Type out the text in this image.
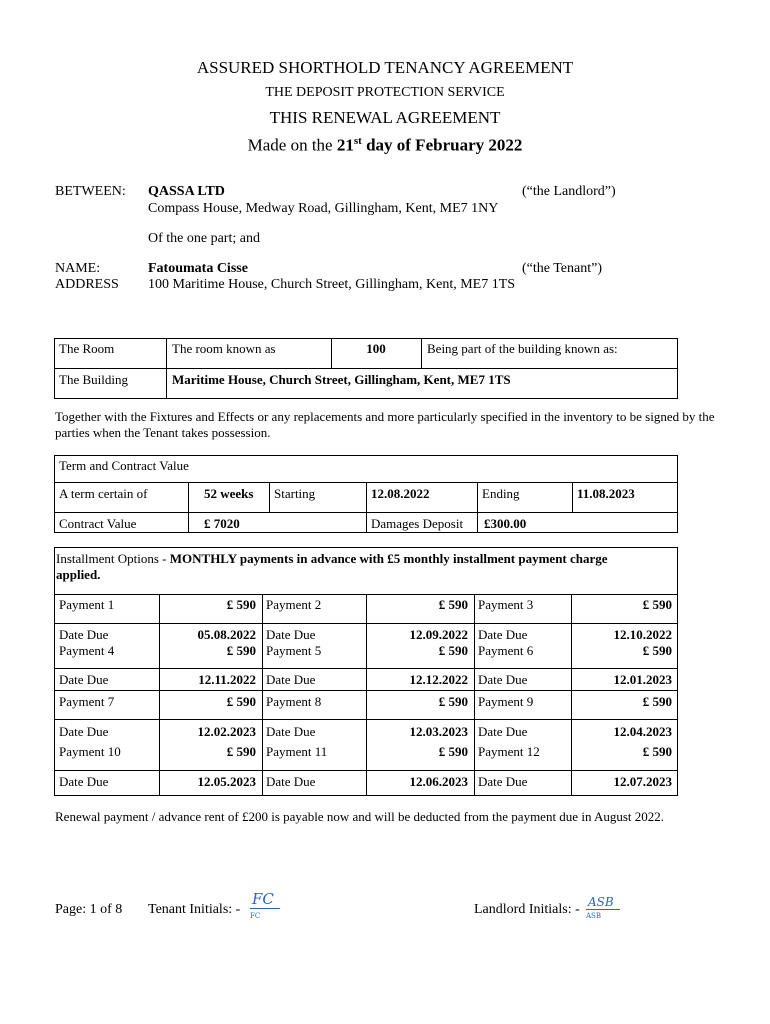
ASSURED SHORTHOLD TENANCY AGREEMENT
THE DEPOSIT PROTECTION SERVICE
THIS RENEWAL AGREEMENT
Made on the 21st day of February 2022
BETWEEN: QASSA LTD	(“the Landlord”)
Compass House, Medway Road, Gillingham, Kent, ME7 1NY
Of the one part; and
NAME:	Fatoumata Cisse	(“the Tenant”)
ADDRESS 100 Maritime House, Church Street, Gillingham, Kent, ME7 1TS
The Room	The room known as	100	Being part of the building known as:
The Building	Maritime House, Church Street, Gillingham, Kent, ME7 1TS
Together with the Fixtures and Effects or any replacements and more particularly specified in the inventory to be signed by the parties when the Tenant takes possession.
Term and Contract Value
A term certain of	52 weeks Starting	12.08.2022	Ending	11.08.2023
Contract Value	£ 7020	Damages Deposit £300.00
Installment Options - MONTHLY payments in advance with £5 monthly installment payment charge
applied.
Payment 1	£ 590 Payment 2	£ 590 Payment 3	£ 590
Date Due	05.08.2022 Date Due	12.09.2022 Date Due	12.10.2022
Payment 4	£ 590 Payment 5	£ 590 Payment 6	£ 590
Date Due	12.11.2022 Date Due	12.12.2022 Date Due	12.01.2023
Payment 7	£ 590 Payment 8	£ 590 Payment 9	£ 590
Date Due	12.02.2023 Date Due	12.03.2023 Date Due	12.04.2023
Payment 10	£ 590 Payment 11	£ 590 Payment 12	£ 590
Date Due	12.05.2023 Date Due	12.06.2023 Date Due	12.07.2023
Renewal payment / advance rent of £200 is payable now and will be deducted from the payment due in August 2022.
Page: 1 of 8 Tenant Initials: -
FC
FC	Landlord Initials: - ASB
ASB
